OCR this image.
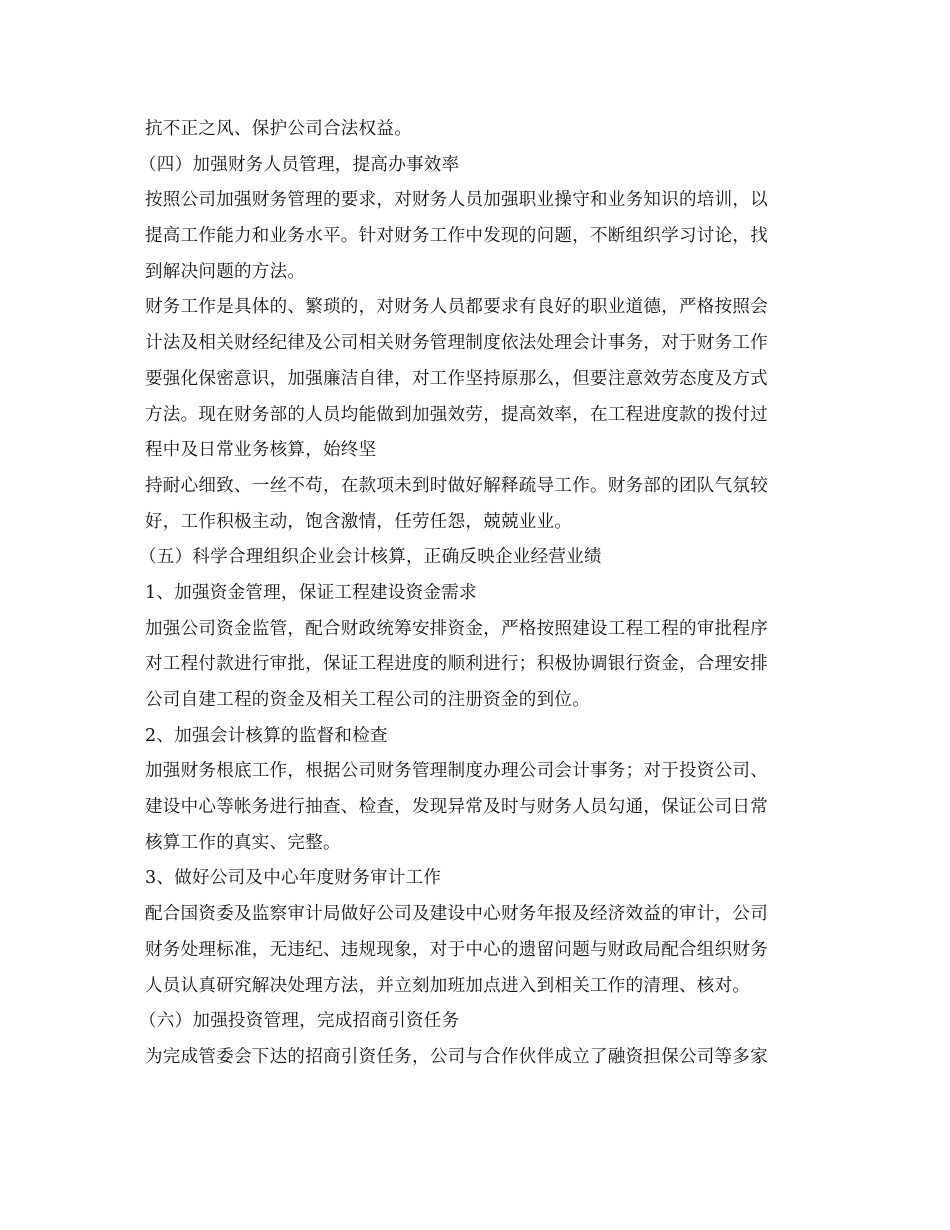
抗不正之风、保护公司合法权益。
（四）加强财务人员管理，提高办事效率
按照公司加强财务管理的要求，对财务人员加强职业操守和业务知识的培训，以
提高工作能力和业务水平。针对财务工作中发现的问题，不断组织学习讨论，找
到解决问题的方法。
财务工作是具体的、繁琐的，对财务人员都要求有良好的职业道德，严格按照会
计法及相关财经纪律及公司相关财务管理制度依法处理会计事务，对于财务工作
要强化保密意识，加强廉洁自律，对工作坚持原那么，但要注意效劳态度及方式
方法。现在财务部的人员均能做到加强效劳，提高效率，在工程进度款的拨付过
程中及日常业务核算，始终坚
持耐心细致、一丝不苟，在款项未到时做好解释疏导工作。财务部的团队气氛较
好，工作积极主动，饱含激情，任劳任怨，兢兢业业。
（五）科学合理组织企业会计核算，正确反映企业经营业绩
1、加强资金管理，保证工程建设资金需求
加强公司资金监管，配合财政统筹安排资金，严格按照建设工程工程的审批程序
对工程付款进行审批，保证工程进度的顺利进行；积极协调银行资金，合理安排
公司自建工程的资金及相关工程公司的注册资金的到位。
2、加强会计核算的监督和检查
加强财务根底工作，根据公司财务管理制度办理公司会计事务；对于投资公司、
建设中心等帐务进行抽查、检查，发现异常及时与财务人员勾通，保证公司日常
核算工作的真实、完整。
3、做好公司及中心年度财务审计工作
配合国资委及监察审计局做好公司及建设中心财务年报及经济效益的审计，公司
财务处理标准，无违纪、违规现象，对于中心的遗留问题与财政局配合组织财务
人员认真研究解决处理方法，并立刻加班加点进入到相关工作的清理、核对。
（六）加强投资管理，完成招商引资任务
为完成管委会下达的招商引资任务，公司与合作伙伴成立了融资担保公司等多家
